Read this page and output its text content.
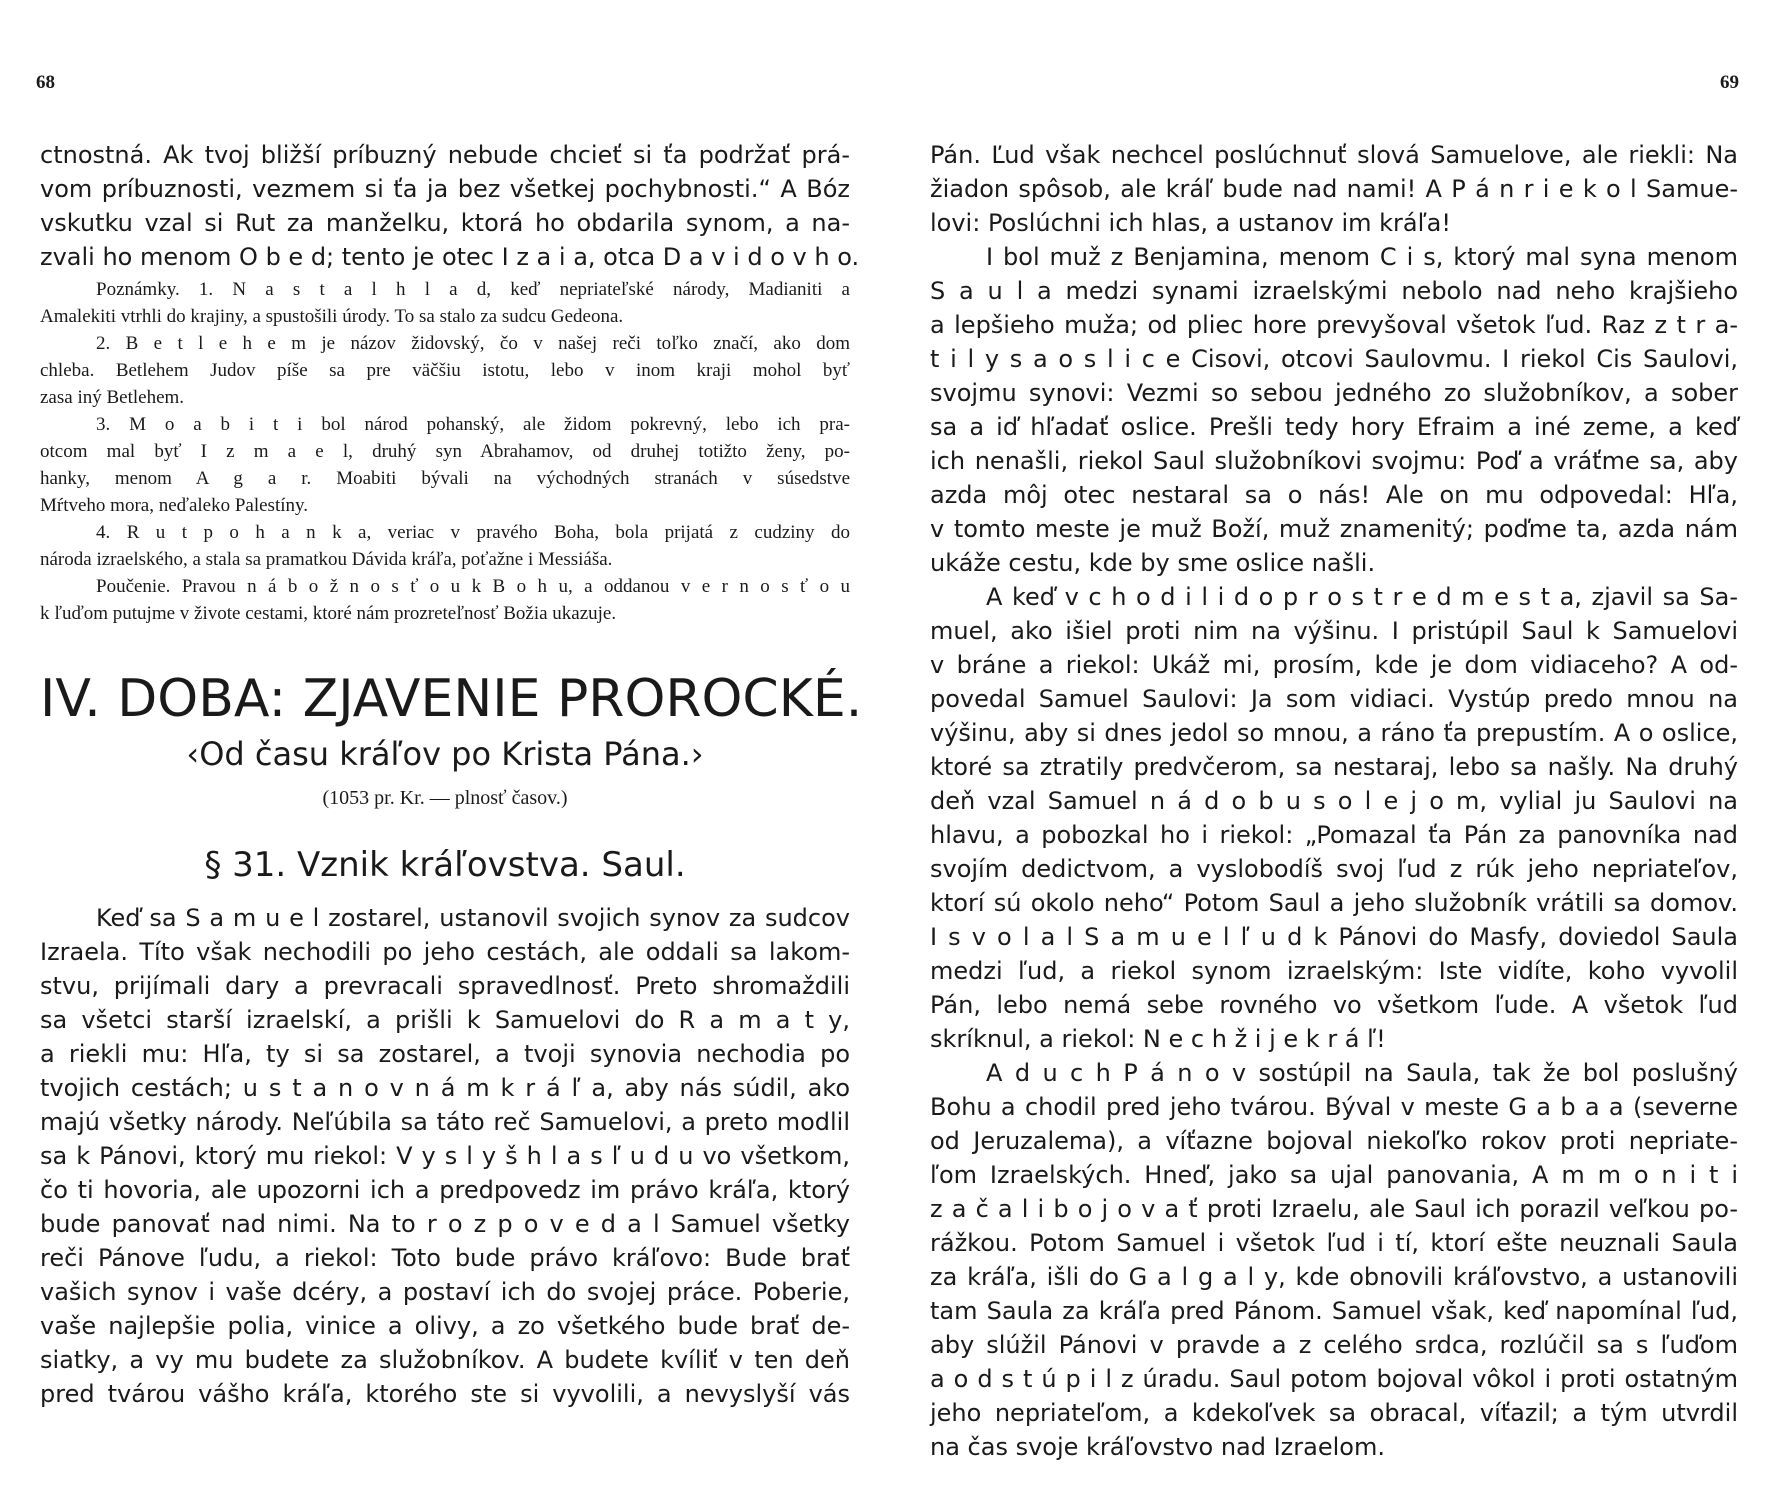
68	69
ctnostná. Ak tvoj bližší príbuzný nebude chcieť si ťa podržať prá-
vom príbuznosti, vezmem si ťa ja bez všetkej pochybnosti.“ A Bóz
vskutku vzal si Rut za manželku, ktorá ho obdarila synom, a na-
zvali ho menom O b e d; tento je otec I z a i a, otca D a v i d o v h o.
Poznámky. 1. N a s t a l h l a d, keď nepriateľské národy, Madianiti a
Amalekiti vtrhli do krajiny, a spustošili úrody. To sa stalo za sudcu Gedeona.
2. B e t l e h e m je názov židovský, čo v našej reči toľko značí, ako dom
chleba. Betlehem Judov píše sa pre väčšiu istotu, lebo v inom kraji mohol byť
zasa iný Betlehem.
3. M o a b i t i bol národ pohanský, ale židom pokrevný, lebo ich pra-
otcom mal byť I z m a e l, druhý syn Abrahamov, od druhej totižto ženy, po-
hanky, menom A g a r. Moabiti bývali na východných stranách v súsedstve
Mŕtveho mora, neďaleko Palestíny.
4. R u t p o h a n k a, veriac v pravého Boha, bola prijatá z cudziny do
národa izraelského, a stala sa pramatkou Dávida kráľa, poťažne i Messiáša.
Poučenie. Pravou n á b o ž n o s ť o u k B o h u, a oddanou v e r n o s ť o u
k ľuďom putujme v životе cestami, ktoré nám prozreteľnosť Božia ukazuje.
IV. DOBA: ZJAVENIE PROROCKÉ.
‹Od času kráľov po Krista Pána.›
(1053 pr. Kr. — plnosť časov.)
§ 31. Vznik kráľovstva. Saul.
Keď sa S a m u e l zostarel, ustanovil svojich synov za sudcov
Izraela. Títo však nechodili po jeho cestách, ale oddali sa lakom-
stvu, prijímali dary a prevracali spravedlnosť. Preto shromaždili
sa všetci starší izraelskí, a prišli k Samuelovi do R a m a t y,
a riekli mu: Hľa, ty si sa zostarel, a tvoji synovia nechodia po
tvojich cestách; u s t a n o v n á m k r á ľ a, aby nás súdil, ako
majú všetky národy. Neľúbila sa táto reč Samuelovi, a preto modlil
sa k Pánovi, ktorý mu riekol: V y s l y š h l a s ľ u d u vo všetkom,
čo ti hovoria, ale upozorni ich a predpovedz im právo kráľa, ktorý
bude panovať nad nimi. Na to r o z p o v e d a l Samuel všetky
reči Pánove ľudu, a riekol: Toto bude právo kráľovo: Bude brať
vašich synov i vaše dcéry, a postaví ich do svojej práce. Poberie,
vaše najlepšie polia, vinice a olivy, a zo všetkého bude brať de-
siatky, a vy mu budete za služobníkov. A budete kvíliť v ten deň
pred tvárou vášho kráľa, ktorého ste si vyvolili, a nevyslyší vás
Pán. Ľud však nechcel poslúchnuť slová Samuelove, ale riekli: Na
žiadon spôsob, ale kráľ bude nad nami! A P á n r i e k o l Samue-
lovi: Poslúchni ich hlas, a ustanov im kráľa!
I bol muž z Benjamina, menom C i s, ktorý mal syna menom
S a u l a medzi synami izraelskými nebolo nad neho krajšieho
a lepšieho muža; od pliec hore prevyšoval všetok ľud. Raz z t r a-
t i l y s a o s l i c e Cisovi, otcovi Saulovmu. I riekol Cis Saulovi,
svojmu synovi: Vezmi so sebou jedného zo služobníkov, a sober
sa a iď hľadať oslice. Prešli tedy hory Efraim a iné zeme, a keď
ich nenašli, riekol Saul služobníkovi svojmu: Poď a vráťme sa, aby
azda môj otec nestaral sa o nás! Ale on mu odpovedal: Hľa,
v tomto meste je muž Boží, muž znamenitý; poďme ta, azda nám
ukáže cestu, kde by sme oslice našli.
A keď v c h o d i l i d o p r o s t r e d m e s t a, zjavil sa Sa-
muel, ako išiel proti nim na výšinu. I pristúpil Saul k Samuelovi
v bráne a riekol: Ukáž mi, prosím, kde je dom vidiaceho? A od-
povedal Samuel Saulovi: Ja som vidiaci. Vystúp predo mnou na
výšinu, aby si dnes jedol so mnou, a ráno ťa prepustím. A o oslice,
ktoré sa ztratily predvčerom, sa nestaraj, lebo sa našly. Na druhý
deň vzal Samuel n á d o b u s o l e j o m, vylial ju Saulovi na
hlavu, a pobozkal ho i riekol: „Pomazal ťa Pán za panovníka nad
svojím dedictvom, a vyslobodíš svoj ľud z rúk jeho nepriateľov,
ktorí sú okolo neho“ Potom Saul a jeho služobník vrátili sa domov.
I s v o l a l S a m u e l ľ u d k Pánovi do Masfy, doviedol Saula
medzi ľud, a riekol synom izraelským: Iste vidíte, koho vyvolil
Pán, lebo nemá sebe rovného vo všetkom ľude. A všetok ľud
skríknul, a riekol: N e c h ž i j e k r á ľ!
A d u c h P á n o v sostúpil na Saula, tak že bol poslušný
Bohu a chodil pred jeho tvárou. Býval v meste G a b a a (severne
od Jeruzalema), a víťazne bojoval niekoľko rokov proti nepriate-
ľom Izraelských. Hneď, jako sa ujal panovania, A m m o n i t i
z a č a l i b o j o v a ť proti Izraelu, ale Saul ich porazil veľkou po-
rážkou. Potom Samuel i všetok ľud i tí, ktorí ešte neuznali Saula
za kráľa, išli do G a l g a l y, kde obnovili kráľovstvo, a ustanovili
tam Saula za kráľa pred Pánom. Samuel však, keď napomínal ľud,
aby slúžil Pánovi v pravde a z celého srdca, rozlúčil sa s ľuďom
a o d s t ú p i l z úradu. Saul potom bojoval vôkol i proti ostatným
jeho nepriateľom, a kdekoľvek sa obracal, víťazil; a tým utvrdil
na čas svoje kráľovstvo nad Izraelom.
